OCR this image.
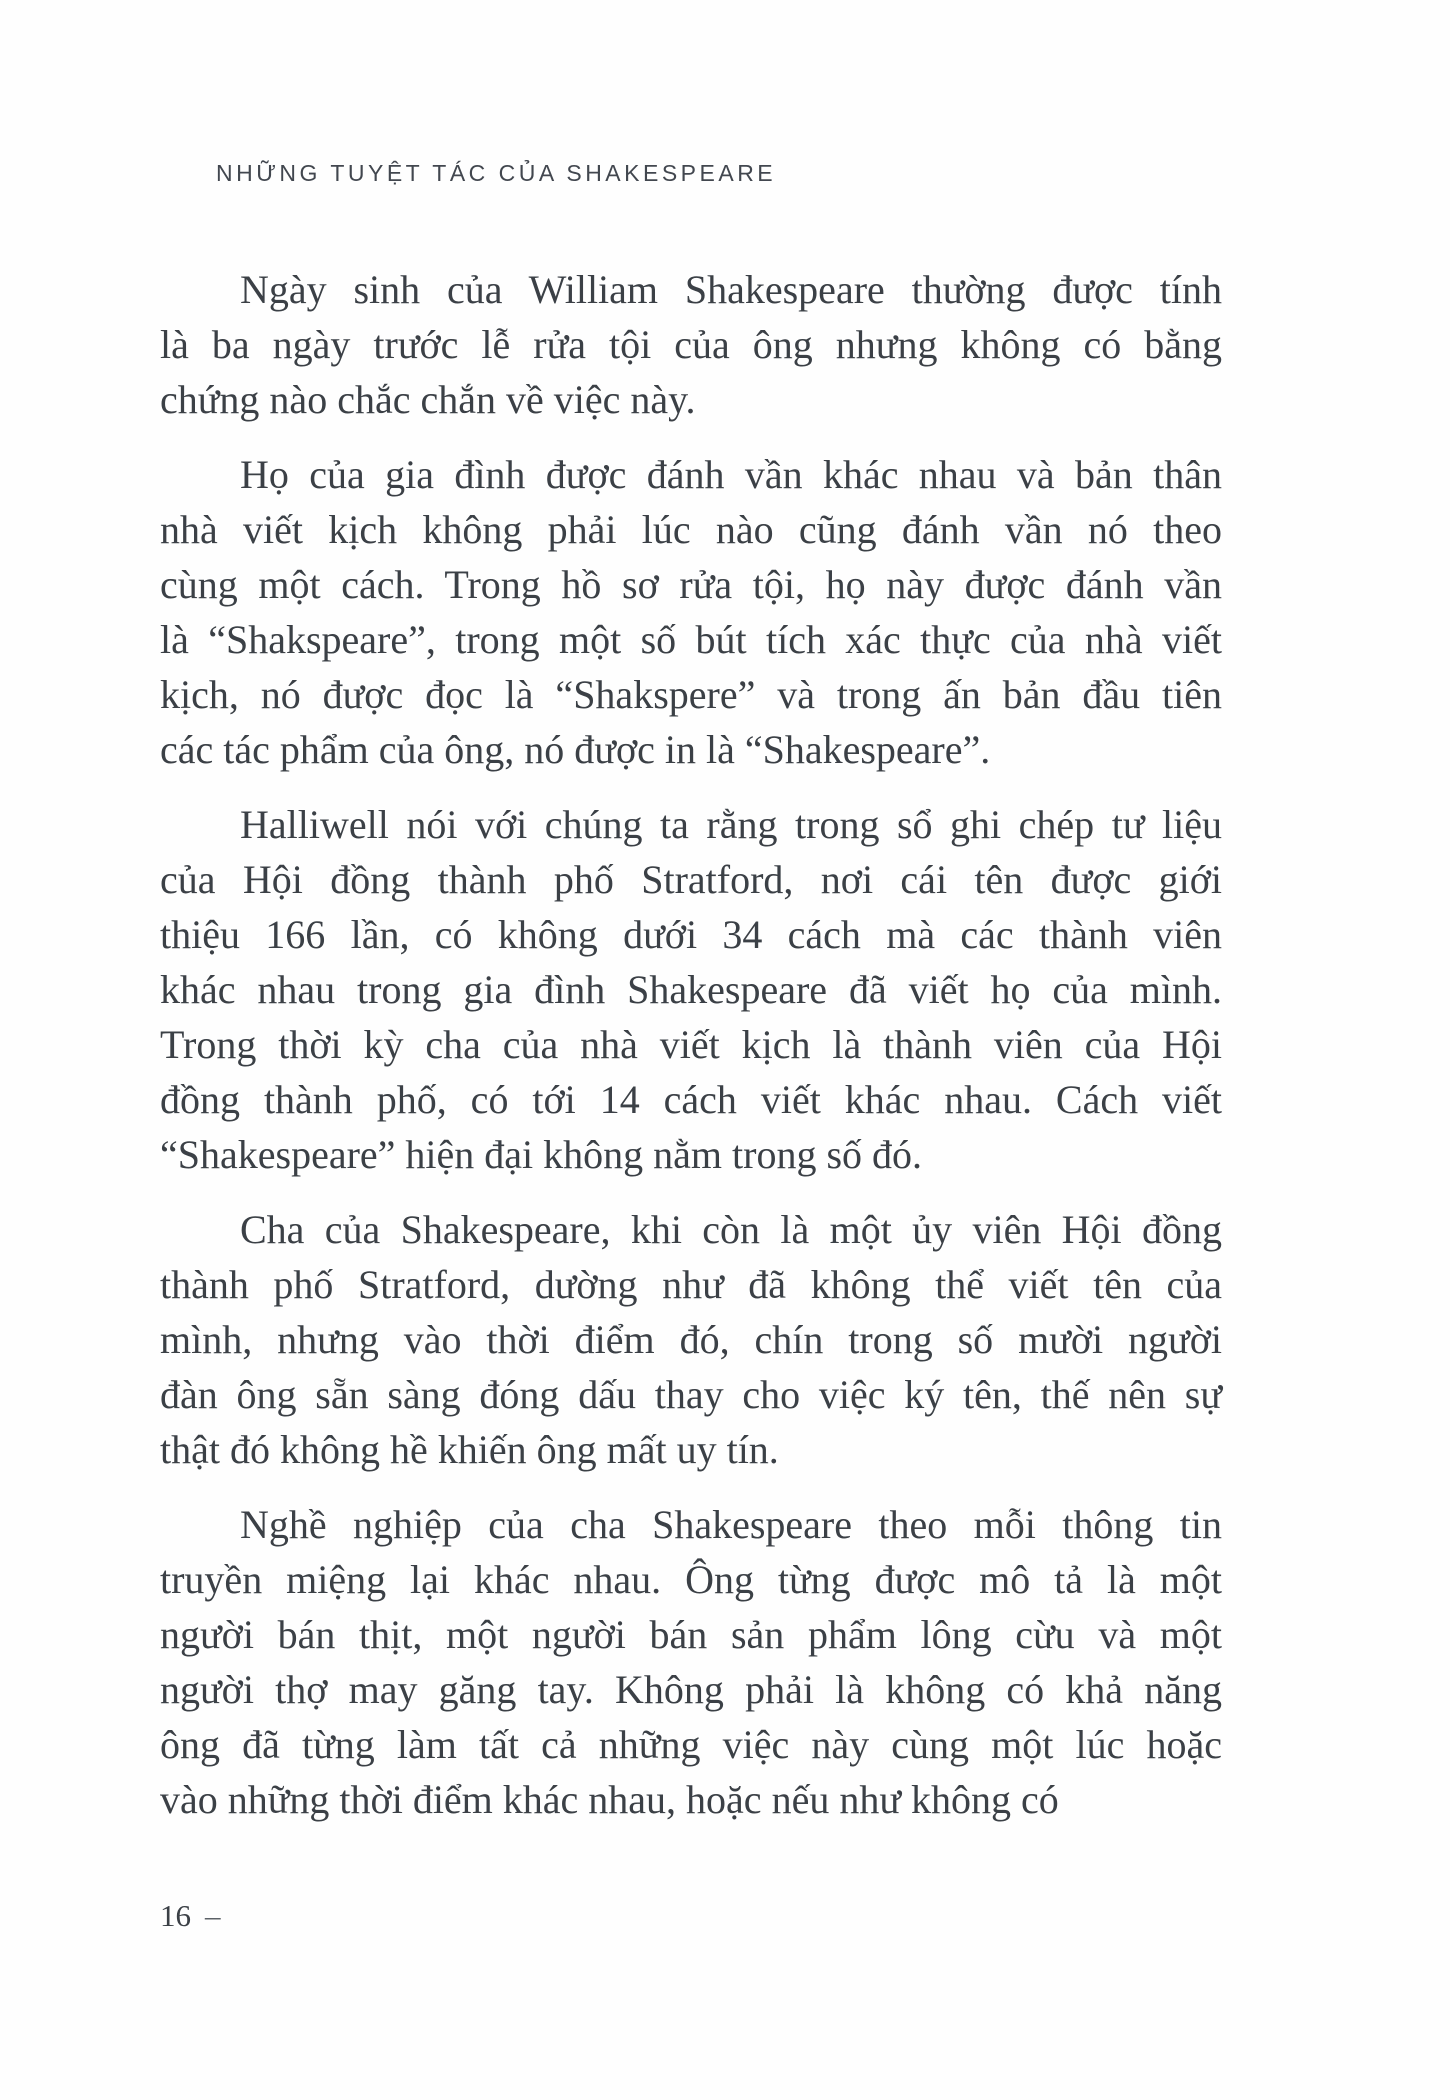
NHỮNG TUYỆT TÁC CỦA SHAKESPEARE
Ngày sinh của William Shakespeare thường được tính
là ba ngày trước lễ rửa tội của ông nhưng không có bằng
chứng nào chắc chắn về việc này.
Họ của gia đình được đánh vần khác nhau và bản thân
nhà viết kịch không phải lúc nào cũng đánh vần nó theo
cùng một cách. Trong hồ sơ rửa tội, họ này được đánh vần
là “Shakspeare”, trong một số bút tích xác thực của nhà viết
kịch, nó được đọc là “Shakspere” và trong ấn bản đầu tiên
các tác phẩm của ông, nó được in là “Shakespeare”.
Halliwell nói với chúng ta rằng trong sổ ghi chép tư liệu
của Hội đồng thành phố Stratford, nơi cái tên được giới
thiệu 166 lần, có không dưới 34 cách mà các thành viên
khác nhau trong gia đình Shakespeare đã viết họ của mình.
Trong thời kỳ cha của nhà viết kịch là thành viên của Hội
đồng thành phố, có tới 14 cách viết khác nhau. Cách viết
“Shakespeare” hiện đại không nằm trong số đó.
Cha của Shakespeare, khi còn là một ủy viên Hội đồng
thành phố Stratford, dường như đã không thể viết tên của
mình, nhưng vào thời điểm đó, chín trong số mười người
đàn ông sẵn sàng đóng dấu thay cho việc ký tên, thế nên sự
thật đó không hề khiến ông mất uy tín.
Nghề nghiệp của cha Shakespeare theo mỗi thông tin
truyền miệng lại khác nhau. Ông từng được mô tả là một
người bán thịt, một người bán sản phẩm lông cừu và một
người thợ may găng tay. Không phải là không có khả năng
ông đã từng làm tất cả những việc này cùng một lúc hoặc
vào những thời điểm khác nhau, hoặc nếu như không có
16 –
